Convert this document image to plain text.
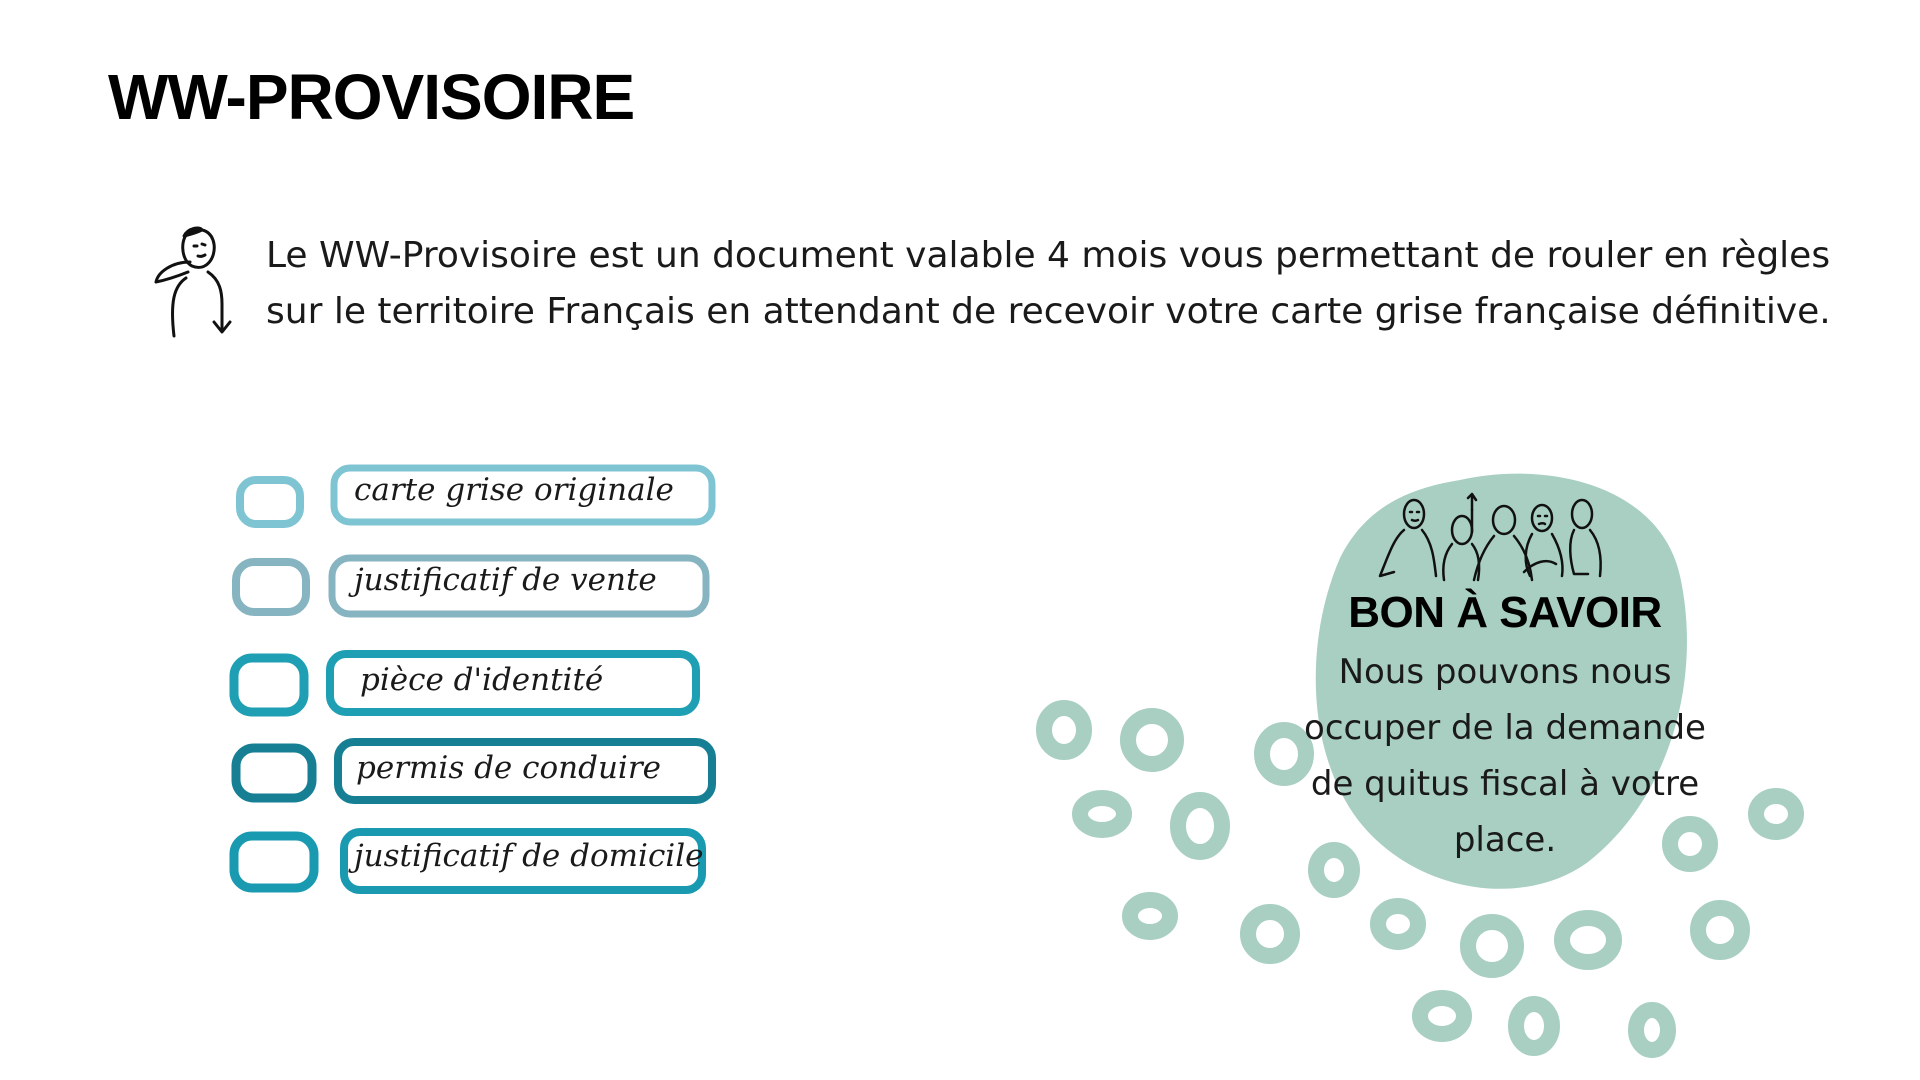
WW-PROVISOIRE

Le WW-Provisoire est un document valable 4 mois vous permettant de rouler en règles sur le territoire Français en attendant de recevoir votre carte grise française définitive.

carte grise originale
justificatif de vente
pièce d'identité
permis de conduire
justificatif de domicile
BON À SAVOIR

Nous pouvons nous occuper de la demande de quitus fiscal à votre place.
